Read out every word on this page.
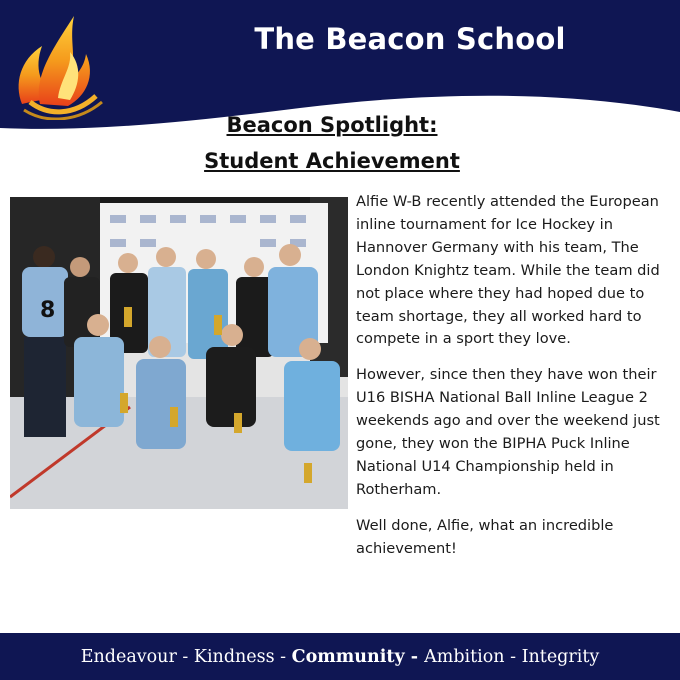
The Beacon School
Beacon Spotlight:
Student Achievement
8

Alfie W-B recently attended the European inline tournament for Ice Hockey in Hannover Germany with his team, The London Knightz team. While the team did not place where they had hoped due to team shortage, they all worked hard to compete in a sport they love.

However, since then they have won their U16 BISHA National Ball Inline League 2 weekends ago and over the weekend just gone, they won the BIPHA Puck Inline National U14 Championship held in Rotherham.

Well done, Alfie, what an incredible achievement!

Endeavour - Kindness - Community - Ambition - Integrity
